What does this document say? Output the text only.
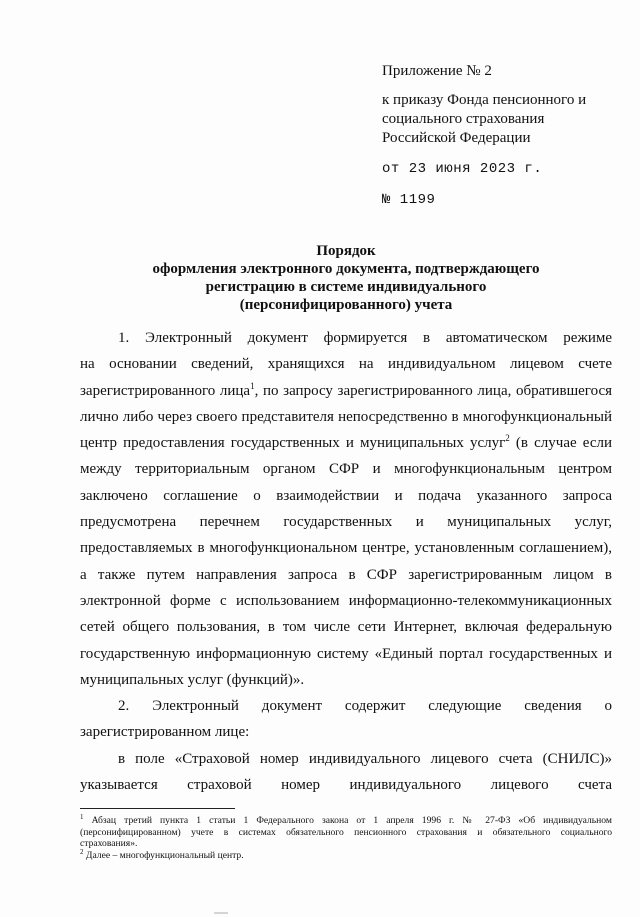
Приложение № 2
к приказу Фонда пенсионного и
социального страхования
Российской Федерации
от 23 июня 2023 г.
№ 1199
Порядок
оформления электронного документа, подтверждающего
регистрацию в системе индивидуального
(персонифицированного) учета
1. Электронный документ формируется в автоматическом режиме
на основании сведений, хранящихся на индивидуальном лицевом счете
зарегистрированного лица$^1$, по запросу зарегистрированного лица, обратившегося
лично либо через своего представителя непосредственно в многофункциональный
центр предоставления государственных и муниципальных услуг$^2$ (в случае если
между территориальным органом СФР и многофункциональным центром
заключено соглашение о взаимодействии и подача указанного запроса
предусмотрена перечнем государственных и муниципальных услуг,
предоставляемых в многофункциональном центре, установленным соглашением),
а также путем направления запроса в СФР зарегистрированным лицом в
электронной форме с использованием информационно-телекоммуникационных
сетей общего пользования, в том числе сети Интернет, включая федеральную
государственную информационную систему «Единый портал государственных и
муниципальных услуг (функций)».
2. Электронный документ содержит следующие сведения о
зарегистрированном лице:
в поле «Страховой номер индивидуального лицевого счета (СНИЛС)»
указывается страховой номер индивидуального лицевого счета
$^1$ Абзац третий пункта 1 статьи 1 Федерального закона от 1 апреля 1996 г. № 27-ФЗ «Об индивидуальном
(персонифицированном) учете в системах обязательного пенсионного страхования и обязательного социального
страхования».
$^2$ Далее – многофункциональный центр.
